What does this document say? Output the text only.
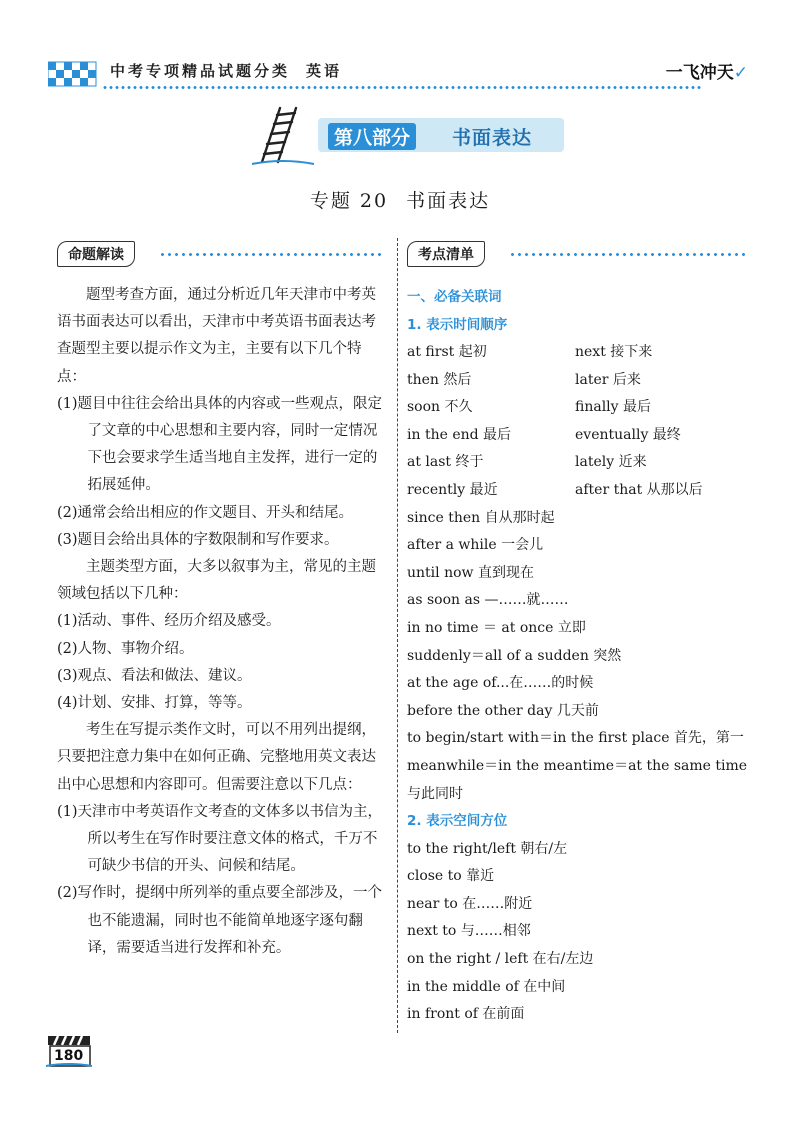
中考专项精品试题分类 英语	一飞冲天✓
第八部分	书面表达
专题 20 书面表达
命题解读	考点清单

题型考查方面，通过分析近几年天津市中考英语书面表达可以看出，天津市中考英语书面表达考查题型主要以提示作文为主，主要有以下几个特点：

(1)题目中往往会给出具体的内容或一些观点，限定了文章的中心思想和主要内容，同时一定情况下也会要求学生适当地自主发挥，进行一定的拓展延伸。

(2)通常会给出相应的作文题目、开头和结尾。

(3)题目会给出具体的字数限制和写作要求。

主题类型方面，大多以叙事为主，常见的主题领域包括以下几种：

(1)活动、事件、经历介绍及感受。

(2)人物、事物介绍。

(3)观点、看法和做法、建议。

(4)计划、安排、打算，等等。

考生在写提示类作文时，可以不用列出提纲，只要把注意力集中在如何正确、完整地用英文表达出中心思想和内容即可。但需要注意以下几点：

(1)天津市中考英语作文考查的文体多以书信为主，所以考生在写作时要注意文体的格式，千万不可缺少书信的开头、问候和结尾。

(2)写作时，提纲中所列举的重点要全部涉及，一个也不能遗漏，同时也不能简单地逐字逐句翻译，需要适当进行发挥和补充。

一、必备关联词
1. 表示时间顺序
at first 起初	next 接下来
then 然后	later 后来
soon 不久	finally 最后
in the end 最后	eventually 最终
at last 终于	lately 近来
recently 最近	after that 从那以后
since then 自从那时起
after a while 一会儿
until now 直到现在
as soon as —……就……
in no time ＝ at once 立即
suddenly＝all of a sudden 突然
at the age of...在……的时候
before the other day 几天前
to begin/start with＝in the first place 首先，第一
meanwhile＝in the meantime＝at the same time
与此同时
2. 表示空间方位
to the right/left 朝右/左
close to 靠近
near to 在……附近
next to 与……相邻
on the right / left 在右/左边
in the middle of 在中间
in front of 在前面
180
